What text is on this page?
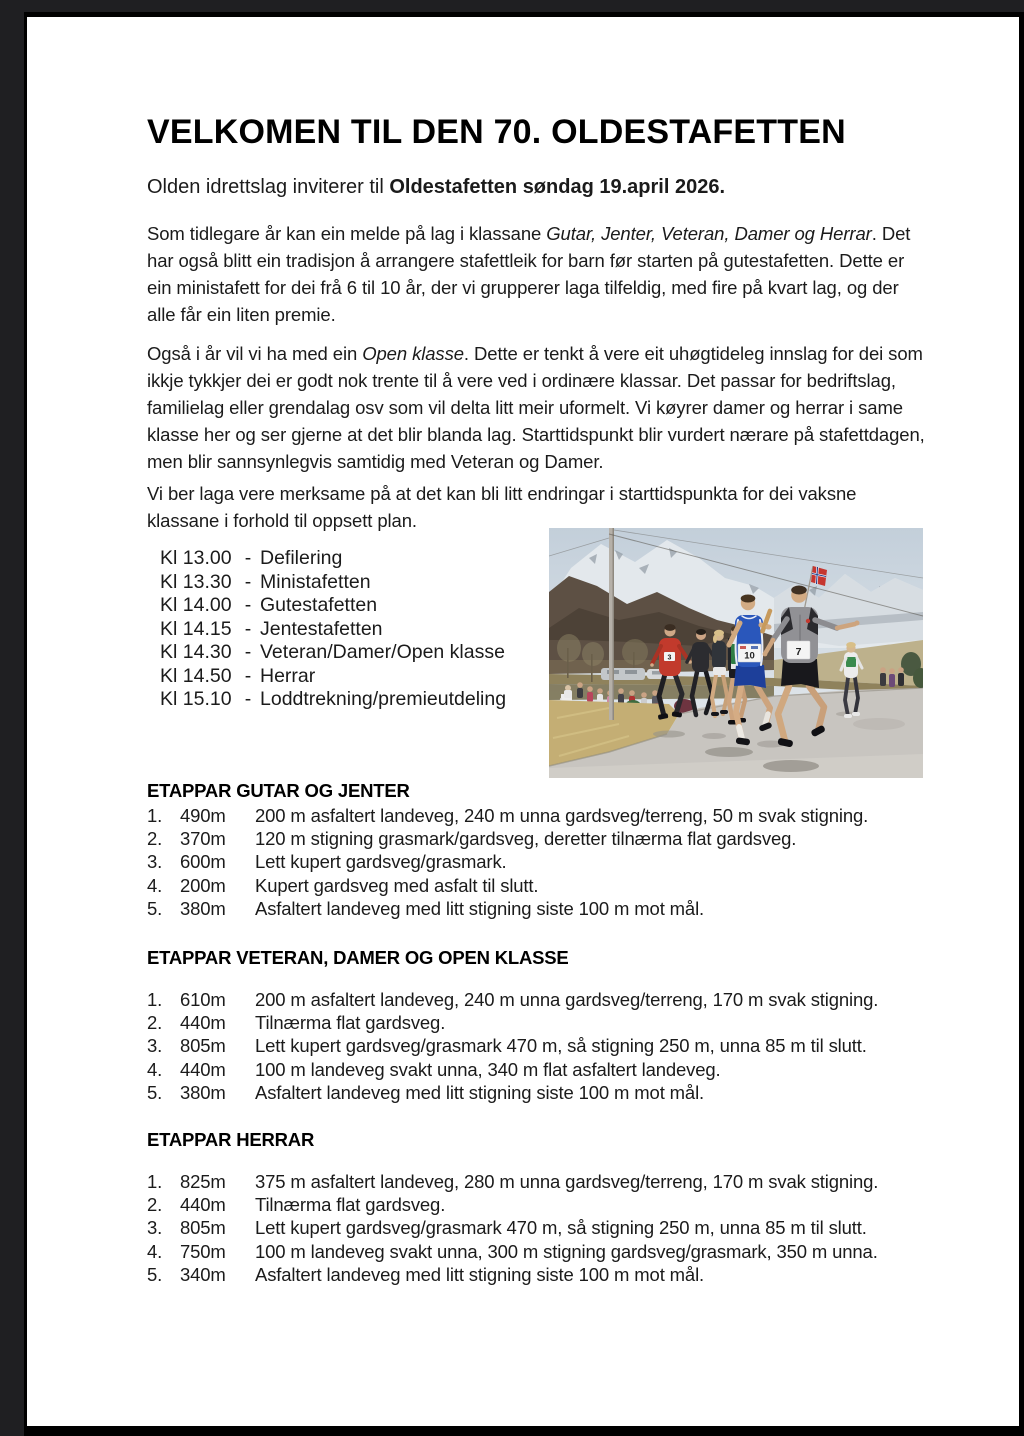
VELKOMEN TIL DEN 70. OLDESTAFETTEN

Olden idrettslag inviterer til Oldestafetten søndag 19.april 2026.

Som tidlegare år kan ein melde på lag i klassane Gutar, Jenter, Veteran, Damer og Herrar. Det har også blitt ein tradisjon å arrangere stafettleik for barn før starten på gutestafetten. Dette er ein ministafett for dei frå 6 til 10 år, der vi grupperer laga tilfeldig, med fire på kvart lag, og der alle får ein liten premie.

Også i år vil vi ha med ein Open klasse. Dette er tenkt å vere eit uhøgtideleg innslag for dei som ikkje tykkjer dei er godt nok trente til å vere ved i ordinære klassar. Det passar for bedriftslag, familielag eller grendalag osv som vil delta litt meir uformelt. Vi køyrer damer og herrar i same klasse her og ser gjerne at det blir blanda lag. Starttidspunkt blir vurdert nærare på stafettdagen, men blir sannsynlegvis samtidig med Veteran og Damer.

Vi ber laga vere merksame på at det kan bli litt endringar i starttidspunkta for dei vaksne klassane i forhold til oppsett plan.

Kl 13.00 - Defilering
Kl 13.30 - Ministafetten
Kl 14.00 - Gutestafetten
Kl 14.15 - Jentestafetten
Kl 14.30 - Veteran/Damer/Open klasse
Kl 14.50 - Herrar
Kl 15.10 - Loddtrekning/premieutdeling
ETAPPAR GUTAR OG JENTER
1. 490m	200 m asfaltert landeveg, 240 m unna gardsveg/terreng, 50 m svak stigning.
2. 370m	120 m stigning grasmark/gardsveg, deretter tilnærma flat gardsveg.
3. 600m	Lett kupert gardsveg/grasmark.
4. 200m	Kupert gardsveg med asfalt til slutt.
5. 380m	Asfaltert landeveg med litt stigning siste 100 m mot mål.
ETAPPAR VETERAN, DAMER OG OPEN KLASSE
1. 610m	200 m asfaltert landeveg, 240 m unna gardsveg/terreng, 170 m svak stigning.
2. 440m	Tilnærma flat gardsveg.
3. 805m	Lett kupert gardsveg/grasmark 470 m, så stigning 250 m, unna 85 m til slutt.
4. 440m	100 m landeveg svakt unna, 340 m flat asfaltert landeveg.
5. 380m	Asfaltert landeveg med litt stigning siste 100 m mot mål.
ETAPPAR HERRAR
1. 825m	375 m asfaltert landeveg, 280 m unna gardsveg/terreng, 170 m svak stigning.
2. 440m	Tilnærma flat gardsveg.
3. 805m	Lett kupert gardsveg/grasmark 470 m, så stigning 250 m, unna 85 m til slutt.
4. 750m	100 m landeveg svakt unna, 300 m stigning gardsveg/grasmark, 350 m unna.
5. 340m	Asfaltert landeveg med litt stigning siste 100 m mot mål.
3	10	7
